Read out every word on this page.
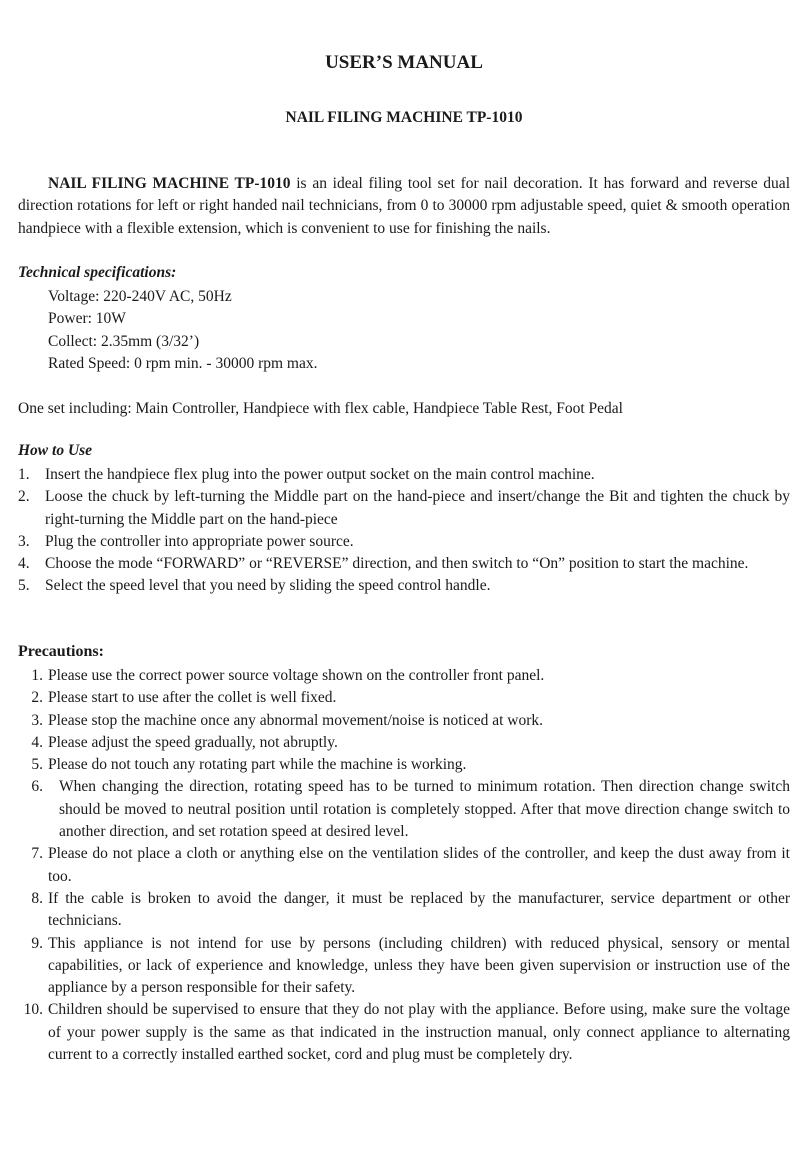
USER’S MANUAL
NAIL FILING MACHINE TP-1010

NAIL FILING MACHINE TP-1010 is an ideal filing tool set for nail decoration. It has forward and reverse dual direction rotations for left or right handed nail technicians, from 0 to 30000 rpm adjustable speed, quiet & smooth operation handpiece with a flexible extension, which is convenient to use for finishing the nails.

Technical specifications:
Voltage: 220-240V AC, 50Hz
Power: 10W
Collect: 2.35mm (3/32’)
Rated Speed: 0 rpm min. - 30000 rpm max.

One set including: Main Controller, Handpiece with flex cable, Handpiece Table Rest, Foot Pedal

How to Use
1. Insert the handpiece flex plug into the power output socket on the main control machine.
2. Loose the chuck by left-turning the Middle part on the hand-piece and insert/change the Bit and tighten the chuck by right-turning the Middle part on the hand-piece
3. Plug the controller into appropriate power source.
4. Choose the mode “FORWARD” or “REVERSE” direction, and then switch to “On” position to start the machine.
5. Select the speed level that you need by sliding the speed control handle.
Precautions:
1. Please use the correct power source voltage shown on the controller front panel.
2. Please start to use after the collet is well fixed.
3. Please stop the machine once any abnormal movement/noise is noticed at work.
4. Please adjust the speed gradually, not abruptly.
5. Please do not touch any rotating part while the machine is working.
6. When changing the direction, rotating speed has to be turned to minimum rotation. Then direction change switch should be moved to neutral position until rotation is completely stopped. After that move direction change switch to another direction, and set rotation speed at desired level.
7. Please do not place a cloth or anything else on the ventilation slides of the controller, and keep the dust away from it too.
8. If the cable is broken to avoid the danger, it must be replaced by the manufacturer, service department or other technicians.
9. This appliance is not intend for use by persons (including children) with reduced physical, sensory or mental capabilities, or lack of experience and knowledge, unless they have been given supervision or instruction use of the appliance by a person responsible for their safety.
10. Children should be supervised to ensure that they do not play with the appliance. Before using, make sure the voltage of your power supply is the same as that indicated in the instruction manual, only connect appliance to alternating current to a correctly installed earthed socket, cord and plug must be completely dry.
